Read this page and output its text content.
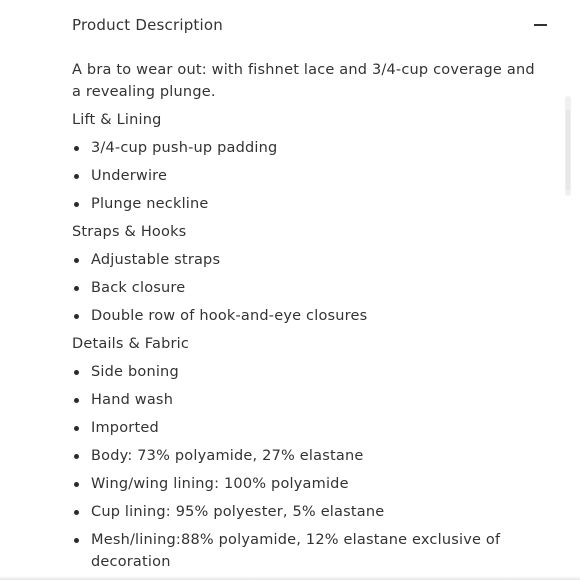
Product Description

A bra to wear out: with fishnet lace and 3/4-cup coverage and a revealing plunge.

Lift & Lining

3/4-cup push-up padding
Underwire
Plunge neckline

Straps & Hooks

Adjustable straps
Back closure
Double row of hook-and-eye closures

Details & Fabric

Side boning
Hand wash
Imported
Body: 73% polyamide, 27% elastane
Wing/wing lining: 100% polyamide
Cup lining: 95% polyester, 5% elastane
Mesh/lining:88% polyamide, 12% elastane exclusive of decoration
